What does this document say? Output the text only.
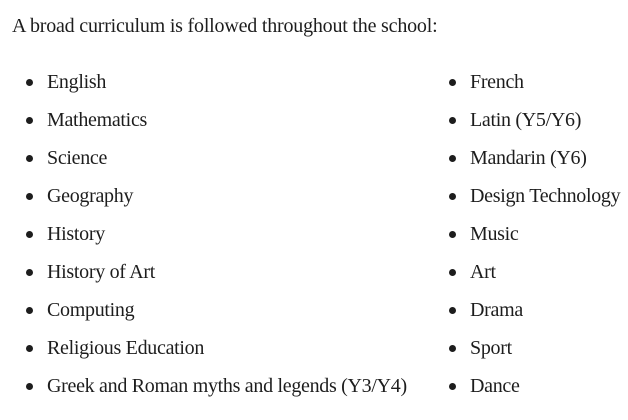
A broad curriculum is followed throughout the school:

English
Mathematics
Science
Geography
History
History of Art
Computing
Religious Education
Greek and Roman myths and legends (Y3/Y4)
French
Latin (Y5/Y6)
Mandarin (Y6)
Design Technology
Music
Art
Drama
Sport
Dance
